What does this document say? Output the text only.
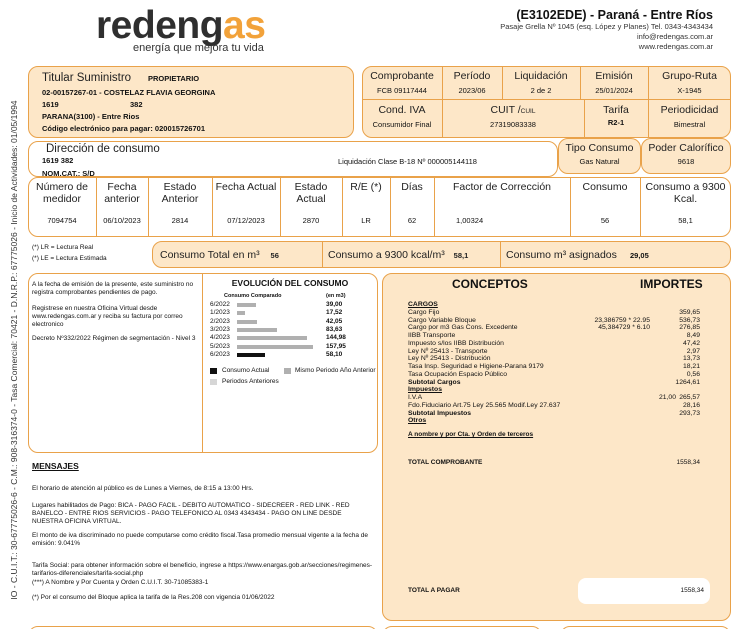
redengas
energía que mejora tu vida
IO - C.U.I.T.: 30-67775026-6 - C.M.: 908-316374-0 - Tasa Comercial: 70421 - D.N.R.P.: 67775026 - Inicio de Actividades: 01/05/1994
(E3102EDE) - Paraná - Entre Ríos
Pasaje Grella Nº 1045 (esq. López y Planes) Tel. 0343-4343434
info@redengas.com.ar
www.redengas.com.ar
Titular Suministro PROPIETARIO
02-00157267-01 - COSTELAZ FLAVIA GEORGINA
1619	382
PARANA(3100) - Entre Rios
Código electrónico para pagar: 020015726701
Comprobante
FCB 09117444
Período
2023/06
Liquidación
2 de 2
Emisión
25/01/2024
Grupo-Ruta
X-1945
Cond. IVA
Consumidor Final
CUIT /CUIL
27319083338
Tarifa
R2-1
Periodicidad
Bimestral
Dirección de consumo
1619 382
NOM.CAT.: S/D
Liquidación Clase B-18 Nº 000005144118
Tipo Consumo
Gas Natural
Poder Calorífico
9618
Número de medidor
Fecha anterior
Estado Anterior
Fecha Actual	Estado Actual
R/E (*)	Días	Factor de Corrección	Consumo	Consumo a 9300 Kcal.
7094754	06/10/2023	2814	07/12/2023	2870	LR	62	1,00324	56	58,1
(*) LR = Lectura Real
(*) LE = Lectura Estimada	Consumo Total en m³ 56	Consumo a 9300 kcal/m³ 58,1	Consumo m³ asignados 29,05
A la fecha de emisión de la presente, este suministro no registra comprobantes pendientes de pago.
Registrese en nuestra Oficina Virtual desde www.redengas.com.ar y reciba su factura por correo electronico
Decreto Nº332/2022 Régimen de segmentación - Nivel 3
EVOLUCIÓN DEL CONSUMO
Consumo Comparado	(en m3)
6/2022	39,00
1/2023	17,52
2/2023	42,05
3/2023	83,63
4/2023	144,98
5/2023	157,95
6/2023	58,10
Consumo Actual	Mismo Periodo Año Anterior
Periodos Anteriores
MENSAJES
El horario de atención al público es de Lunes a Viernes, de 8:15 a 13:00 Hrs.
Lugares habilitados de Pago: BICA - PAGO FACIL - DEBITO AUTOMATICO - SIDECREER - RED LINK - RED BANELCO - ENTRE RIOS SERVICIOS - PAGO TELEFONICO AL 0343 4343434 - PAGO ON LINE DESDE NUESTRA OFICINA VIRTUAL.
El monto de iva discriminado no puede computarse como crédito fiscal.Tasa promedio mensual vigente a la fecha de emisión: 9.041%
Tarifa Social: para obtener información sobre el beneficio, ingrese a https://www.enargas.gob.ar/secciones/regimenes-tarifarios-diferenciales/tarifa-social.php
(***) A Nombre y Por Cuenta y Orden C.U.I.T. 30-71085383-1
(*) Por el consumo del Bloque aplica la tarifa de la Res.208 con vigencia 01/06/2022
CONCEPTOS	IMPORTES
CARGOS
Cargo Fijo	359,65
Cargo Variable Bloque	23,386759 * 22.95	536,73
Cargo por m3 Gas Cons. Excedente	45,384729 * 6.10	276,85
IIBB Transporte	8,49
Impuesto s/los IIBB Distribución	47,42
Ley Nº 25413 - Transporte	2,97
Ley Nº 25413 - Distribución	13,73
Tasa Insp. Seguridad e Higiene-Parana 9179	18,21
Tasa Ocupación Espacio Público	0,56
Subtotal Cargos	1264,61
Impuestos
I.V.A	21,00 265,57
Fdo.Fiduciario Art.75 Ley 25.565 Modif.Ley 27.637	28,16
Subtotal Impuestos	293,73
Otros
A nombre y por Cta. y Orden de terceros
TOTAL COMPROBANTE	1558,34
TOTAL A PAGAR	1558,34
